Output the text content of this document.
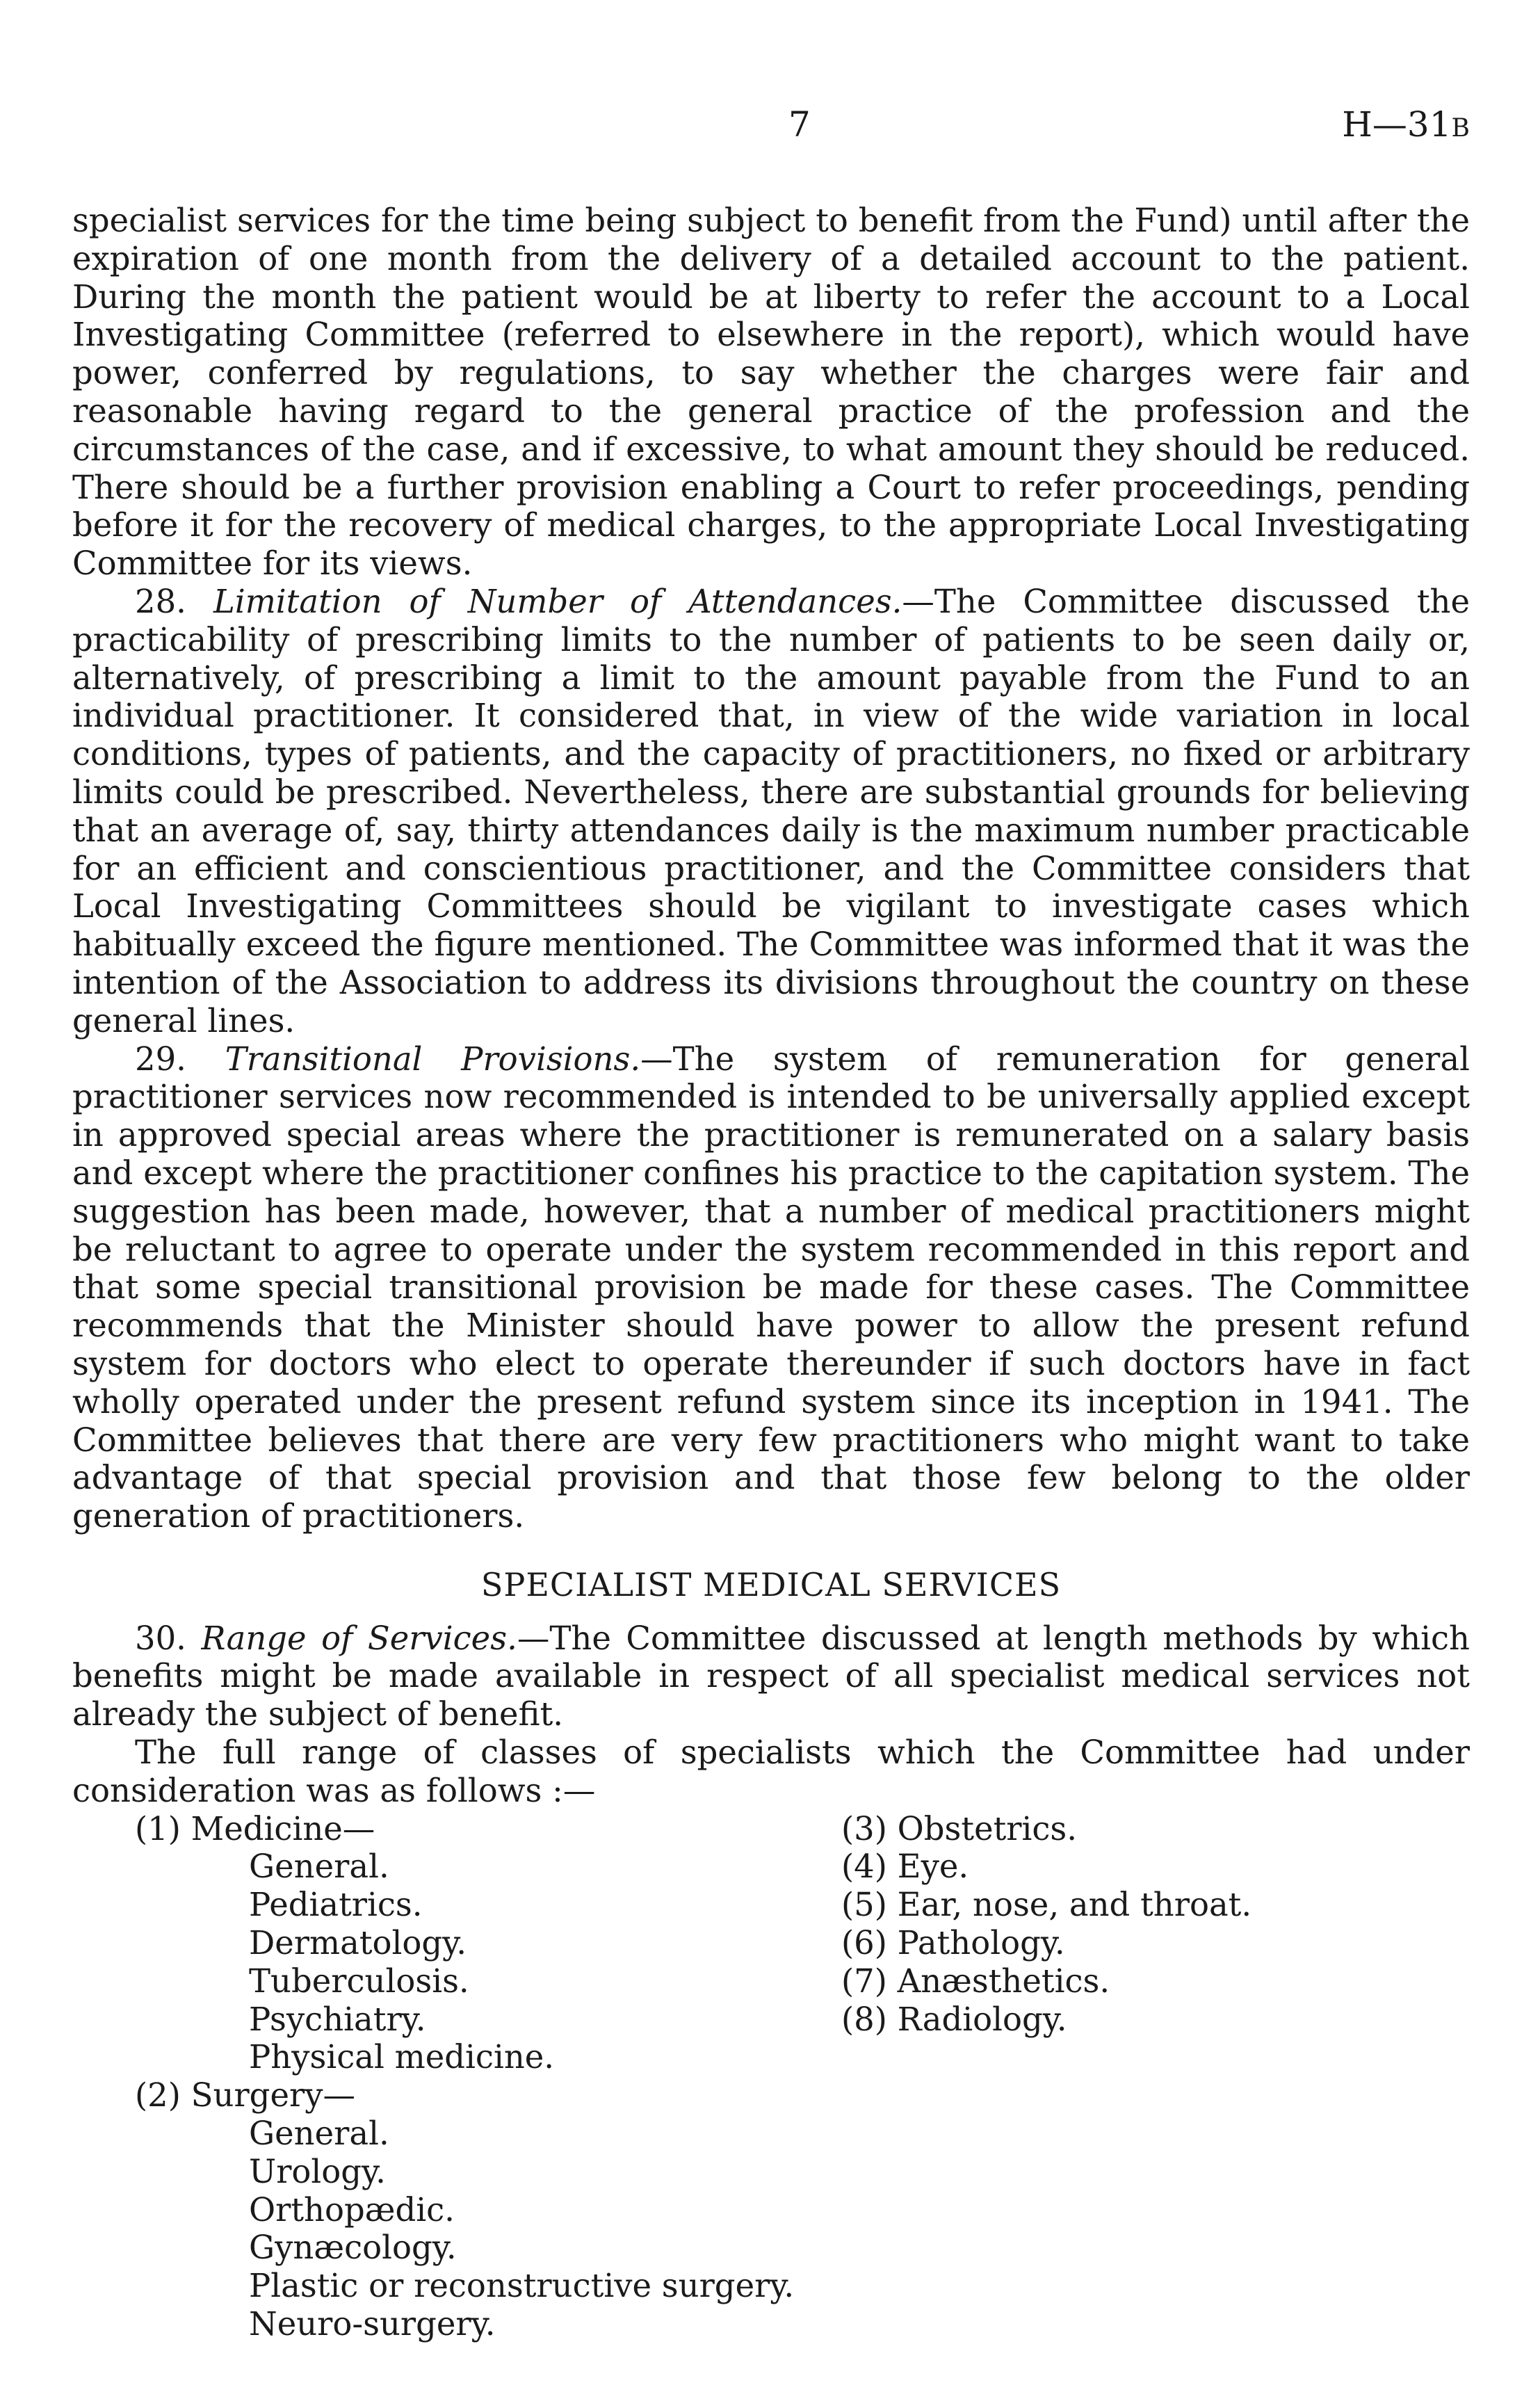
7	H—31B

specialist services for the time being subject to benefit from the Fund) until after the expiration of one month from the delivery of a detailed account to the patient. During the month the patient would be at liberty to refer the account to a Local Investigating Committee (referred to elsewhere in the report), which would have power, conferred by regulations, to say whether the charges were fair and reasonable having regard to the general practice of the profession and the circumstances of the case, and if excessive, to what amount they should be reduced. There should be a further provision enabling a Court to refer proceedings, pending before it for the recovery of medical charges, to the appropriate Local Investigating Committee for its views.

28. Limitation of Number of Attendances.—The Committee discussed the practicability of prescribing limits to the number of patients to be seen daily or, alternatively, of prescribing a limit to the amount payable from the Fund to an individual practitioner. It considered that, in view of the wide variation in local conditions, types of patients, and the capacity of practitioners, no fixed or arbitrary limits could be prescribed. Nevertheless, there are substantial grounds for believing that an average of, say, thirty attendances daily is the maximum number practicable for an efficient and conscientious practitioner, and the Committee considers that Local Investigating Committees should be vigilant to investigate cases which habitually exceed the figure mentioned. The Committee was informed that it was the intention of the Association to address its divisions throughout the country on these general lines.

29. Transitional Provisions.—The system of remuneration for general practitioner services now recommended is intended to be universally applied except in approved special areas where the practitioner is remunerated on a salary basis and except where the practitioner confines his practice to the capitation system. The suggestion has been made, however, that a number of medical practitioners might be reluctant to agree to operate under the system recommended in this report and that some special transitional provision be made for these cases. The Committee recommends that the Minister should have power to allow the present refund system for doctors who elect to operate thereunder if such doctors have in fact wholly operated under the present refund system since its inception in 1941. The Committee believes that there are very few practitioners who might want to take advantage of that special provision and that those few belong to the older generation of practitioners.

SPECIALIST MEDICAL SERVICES

30. Range of Services.—The Committee discussed at length methods by which benefits might be made available in respect of all specialist medical services not already the subject of benefit.

The full range of classes of specialists which the Committee had under consideration was as follows :—

(1) Medicine—
General.
Pediatrics.
Dermatology.
Tuberculosis.
Psychiatry.
Physical medicine.
(2) Surgery—
General.
Urology.
Orthopædic.
Gynæcology.
Plastic or reconstructive surgery.
Neuro-surgery.
(3) Obstetrics.
(4) Eye.
(5) Ear, nose, and throat.
(6) Pathology.
(7) Anæsthetics.
(8) Radiology.
